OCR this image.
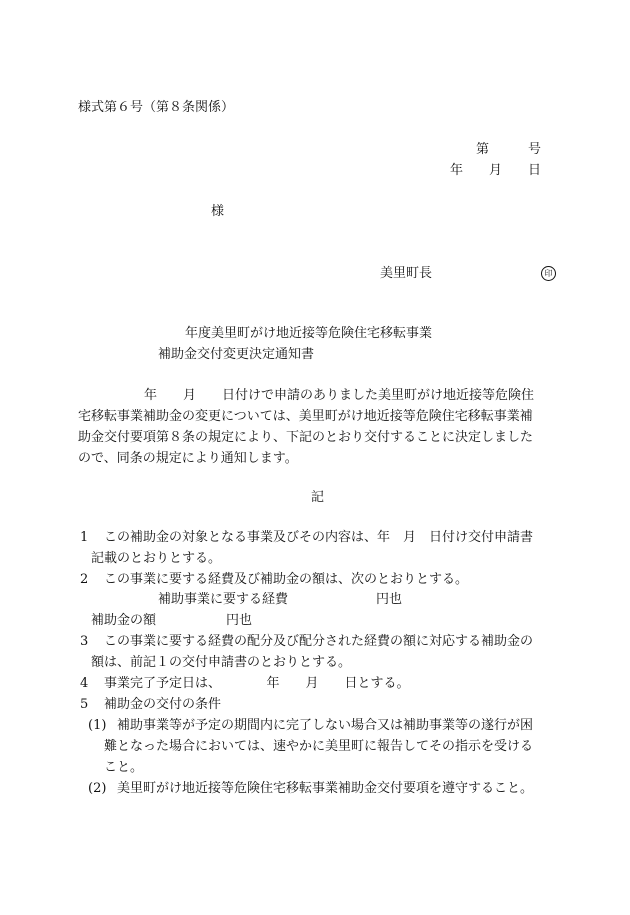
様式第６号（第８条関係）
第　　　号
年　　月　　日
様
美里町長	印
年度美里町がけ地近接等危険住宅移転事業
補助金交付変更決定通知書
年　　月　　日付けで申請のありました美里町がけ地近接等危険住
宅移転事業補助金の変更については、美里町がけ地近接等危険住宅移転事業補
助金交付要項第８条の規定により、下記のとおり交付することに決定しました
ので、同条の規定により通知します。
記
1 この補助金の対象となる事業及びその内容は、年　月　日付け交付申請書
記載のとおりとする。
2 この事業に要する経費及び補助金の額は、次のとおりとする。
補助事業に要する経費	円也
補助金の額	円也
3 この事業に要する経費の配分及び配分された経費の額に対応する補助金の
額は、前記１の交付申請書のとおりとする。
4 事業完了予定日は、　　　　年　　月　　日とする。
5 補助金の交付の条件
(1) 補助事業等が予定の期間内に完了しない場合又は補助事業等の遂行が困
難となった場合においては、速やかに美里町に報告してその指示を受ける
こと。
(2) 美里町がけ地近接等危険住宅移転事業補助金交付要項を遵守すること。
